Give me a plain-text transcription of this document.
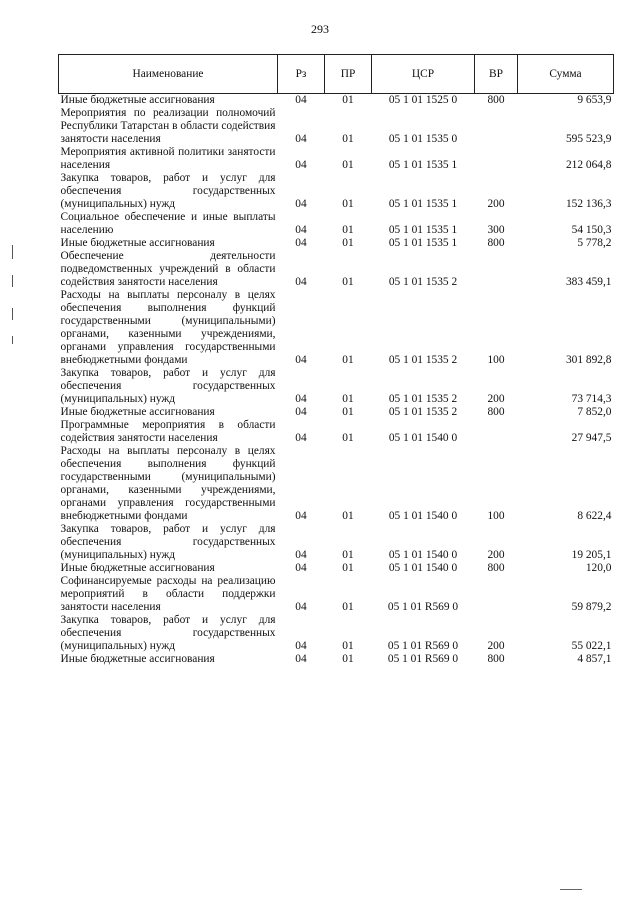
293
Наименование	Рз	ПР	ЦСР	ВР	Сумма
Иные бюджетные ассигнования	04	01	05 1 01 1525 0	800	9 653,9
Мероприятия по реализации полномочий Республики Татарстан в области содействия занятости населения	04	01	05 1 01 1535 0		595 523,9
Мероприятия активной политики занятости населения	04	01	05 1 01 1535 1		212 064,8
Закупка товаров, работ и услуг для обеспечения государственных (муниципальных) нужд	04	01	05 1 01 1535 1	200	152 136,3
Социальное обеспечение и иные выплаты населению	04	01	05 1 01 1535 1	300	54 150,3
Иные бюджетные ассигнования	04	01	05 1 01 1535 1	800	5 778,2
Обеспечение деятельности подведомственных учреждений в области содействия занятости населения	04	01	05 1 01 1535 2		383 459,1
Расходы на выплаты персоналу в целях обеспечения выполнения функций государственными (муниципальными) органами, казенными учреждениями, органами управления государственными внебюджетными фондами	04	01	05 1 01 1535 2	100	301 892,8
Закупка товаров, работ и услуг для обеспечения государственных (муниципальных) нужд	04	01	05 1 01 1535 2	200	73 714,3
Иные бюджетные ассигнования	04	01	05 1 01 1535 2	800	7 852,0
Программные мероприятия в области содействия занятости населения	04	01	05 1 01 1540 0		27 947,5
Расходы на выплаты персоналу в целях обеспечения выполнения функций государственными (муниципальными) органами, казенными учреждениями, органами управления государственными внебюджетными фондами	04	01	05 1 01 1540 0	100	8 622,4
Закупка товаров, работ и услуг для обеспечения государственных (муниципальных) нужд	04	01	05 1 01 1540 0	200	19 205,1
Иные бюджетные ассигнования	04	01	05 1 01 1540 0	800	120,0
Софинансируемые расходы на реализацию мероприятий в области поддержки занятости населения	04	01	05 1 01 R569 0		59 879,2
Закупка товаров, работ и услуг для обеспечения государственных (муниципальных) нужд	04	01	05 1 01 R569 0	200	55 022,1
Иные бюджетные ассигнования	04	01	05 1 01 R569 0	800	4 857,1
